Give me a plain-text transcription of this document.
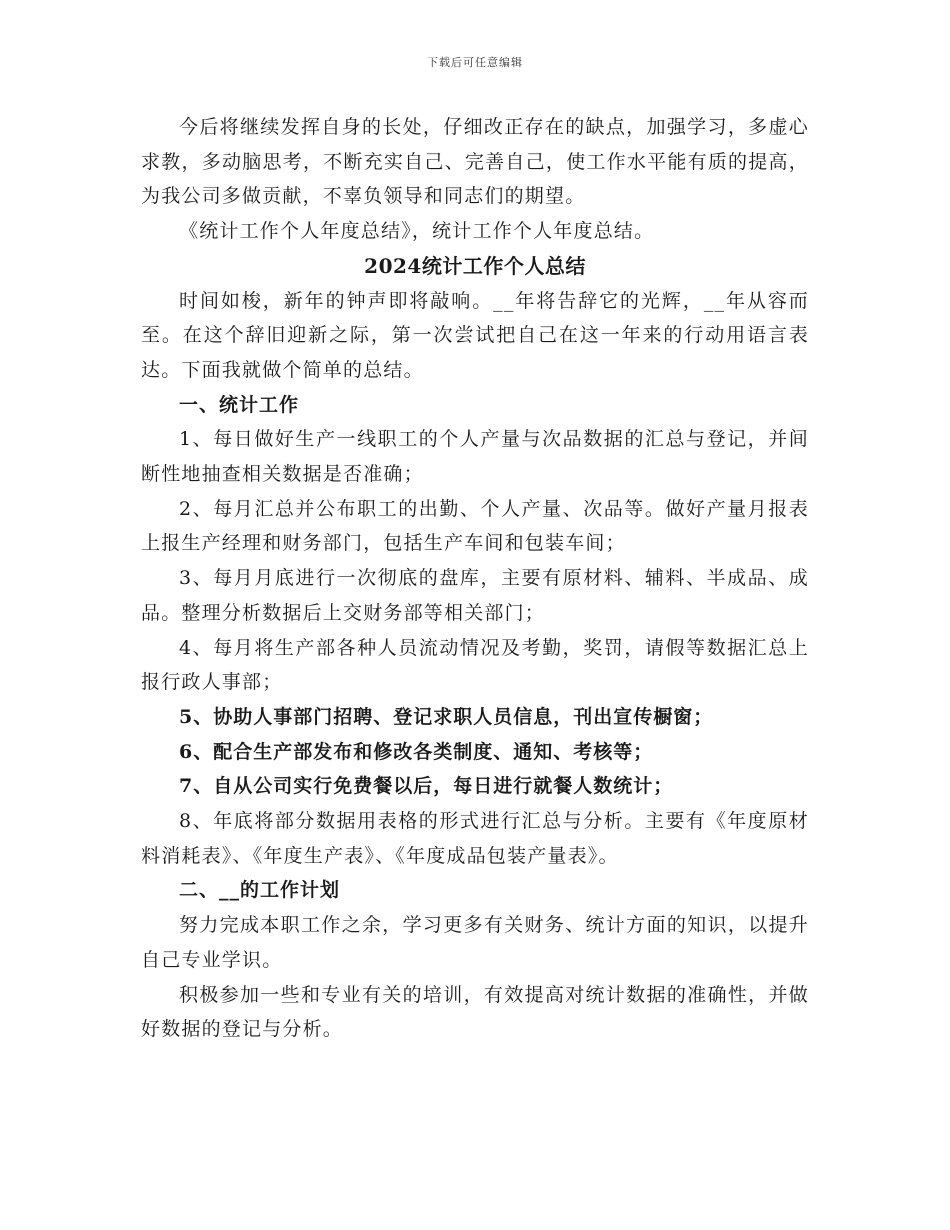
下载后可任意编辑

今后将继续发挥自身的长处，仔细改正存在的缺点，加强学习，多虚心求教，多动脑思考，不断充实自己、完善自己，使工作水平能有质的提高，为我公司多做贡献，不辜负领导和同志们的期望。

《统计工作个人年度总结》，统计工作个人年度总结。

2024统计工作个人总结

时间如梭，新年的钟声即将敲响。__年将告辞它的光辉，__年从容而至。在这个辞旧迎新之际，第一次尝试把自己在这一年来的行动用语言表达。下面我就做个简单的总结。

一、统计工作

1、每日做好生产一线职工的个人产量与次品数据的汇总与登记，并间断性地抽查相关数据是否准确；

2、每月汇总并公布职工的出勤、个人产量、次品等。做好产量月报表上报生产经理和财务部门，包括生产车间和包装车间；

3、每月月底进行一次彻底的盘库，主要有原材料、辅料、半成品、成品。整理分析数据后上交财务部等相关部门；

4、每月将生产部各种人员流动情况及考勤，奖罚，请假等数据汇总上报行政人事部；

5、协助人事部门招聘、登记求职人员信息，刊出宣传橱窗；

6、配合生产部发布和修改各类制度、通知、考核等；

7、自从公司实行免费餐以后，每日进行就餐人数统计；

8、年底将部分数据用表格的形式进行汇总与分析。主要有《年度原材料消耗表》、《年度生产表》、《年度成品包装产量表》。

二、__的工作计划

努力完成本职工作之余，学习更多有关财务、统计方面的知识，以提升自己专业学识。

积极参加一些和专业有关的培训，有效提高对统计数据的准确性，并做好数据的登记与分析。
